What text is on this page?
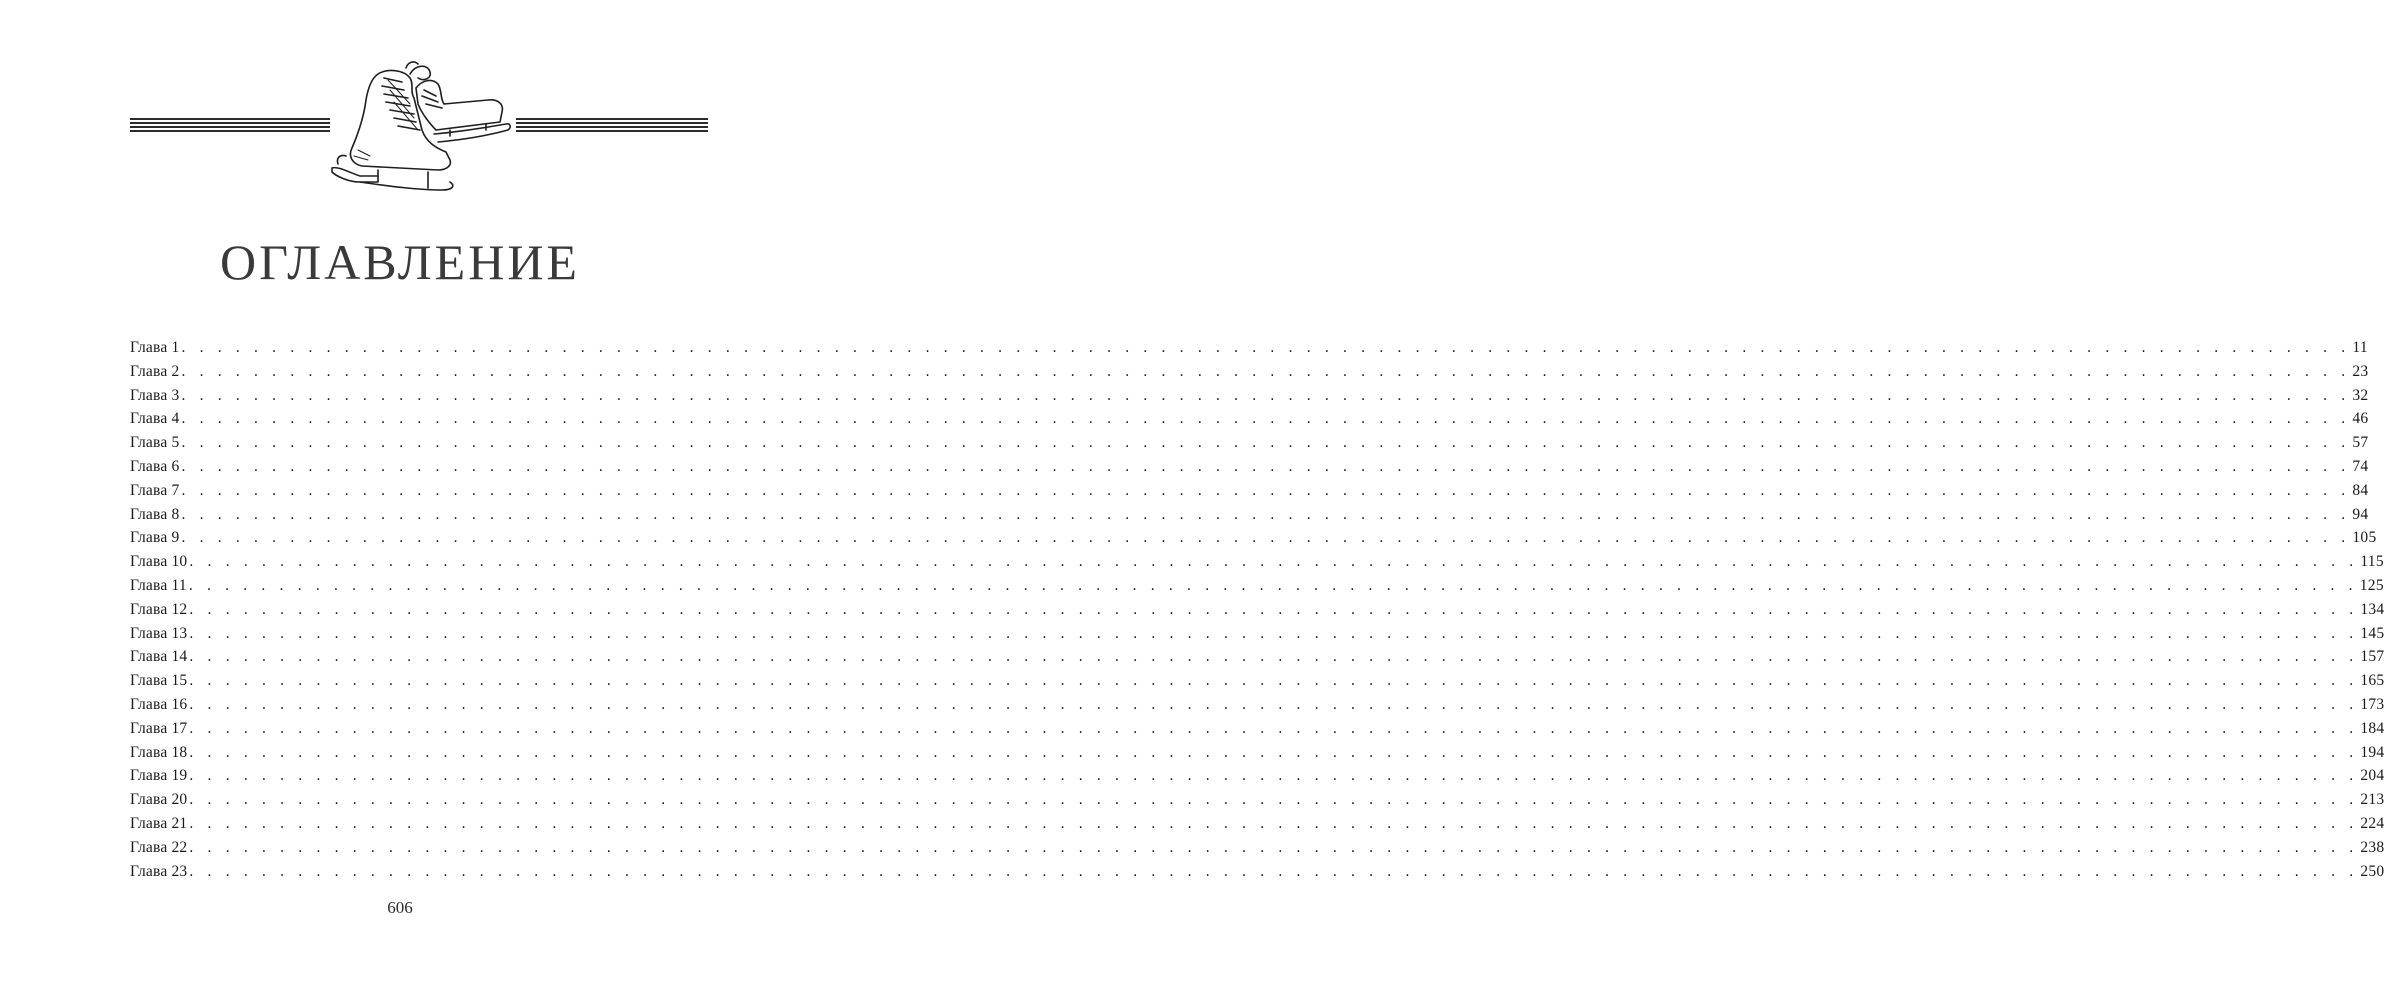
ОГЛАВЛЕНИЕ
Глава 1 . . . . . . . . . . . . . . . . . . . . . . . . . . . . . . . . . . . . . . . . . . . . . . . . . . . . . . . . . . . . . . . . . . . . . . . . . . . . . . . . . . . . . . . . . . . . . . . . . . . . . . . . . . . . . . . . . . . . . . . . 11
Глава 2 . . . . . . . . . . . . . . . . . . . . . . . . . . . . . . . . . . . . . . . . . . . . . . . . . . . . . . . . . . . . . . . . . . . . . . . . . . . . . . . . . . . . . . . . . . . . . . . . . . . . . . . . . . . . . . . . . . . . . . . . 23
Глава 3 . . . . . . . . . . . . . . . . . . . . . . . . . . . . . . . . . . . . . . . . . . . . . . . . . . . . . . . . . . . . . . . . . . . . . . . . . . . . . . . . . . . . . . . . . . . . . . . . . . . . . . . . . . . . . . . . . . . . . . . . 32
Глава 4 . . . . . . . . . . . . . . . . . . . . . . . . . . . . . . . . . . . . . . . . . . . . . . . . . . . . . . . . . . . . . . . . . . . . . . . . . . . . . . . . . . . . . . . . . . . . . . . . . . . . . . . . . . . . . . . . . . . . . . . . 46
Глава 5 . . . . . . . . . . . . . . . . . . . . . . . . . . . . . . . . . . . . . . . . . . . . . . . . . . . . . . . . . . . . . . . . . . . . . . . . . . . . . . . . . . . . . . . . . . . . . . . . . . . . . . . . . . . . . . . . . . . . . . . . 57
Глава 6 . . . . . . . . . . . . . . . . . . . . . . . . . . . . . . . . . . . . . . . . . . . . . . . . . . . . . . . . . . . . . . . . . . . . . . . . . . . . . . . . . . . . . . . . . . . . . . . . . . . . . . . . . . . . . . . . . . . . . . . . 74
Глава 7 . . . . . . . . . . . . . . . . . . . . . . . . . . . . . . . . . . . . . . . . . . . . . . . . . . . . . . . . . . . . . . . . . . . . . . . . . . . . . . . . . . . . . . . . . . . . . . . . . . . . . . . . . . . . . . . . . . . . . . . . 84
Глава 8 . . . . . . . . . . . . . . . . . . . . . . . . . . . . . . . . . . . . . . . . . . . . . . . . . . . . . . . . . . . . . . . . . . . . . . . . . . . . . . . . . . . . . . . . . . . . . . . . . . . . . . . . . . . . . . . . . . . . . . . . 94
Глава 9 . . . . . . . . . . . . . . . . . . . . . . . . . . . . . . . . . . . . . . . . . . . . . . . . . . . . . . . . . . . . . . . . . . . . . . . . . . . . . . . . . . . . . . . . . . . . . . . . . . . . . . . . . . . . . . . . . . . . . . . . 105
Глава 10 . . . . . . . . . . . . . . . . . . . . . . . . . . . . . . . . . . . . . . . . . . . . . . . . . . . . . . . . . . . . . . . . . . . . . . . . . . . . . . . . . . . . . . . . . . . . . . . . . . . . . . . . . . . . . . . . . . . . . . . . 115
Глава 11 . . . . . . . . . . . . . . . . . . . . . . . . . . . . . . . . . . . . . . . . . . . . . . . . . . . . . . . . . . . . . . . . . . . . . . . . . . . . . . . . . . . . . . . . . . . . . . . . . . . . . . . . . . . . . . . . . . . . . . . . 125
Глава 12 . . . . . . . . . . . . . . . . . . . . . . . . . . . . . . . . . . . . . . . . . . . . . . . . . . . . . . . . . . . . . . . . . . . . . . . . . . . . . . . . . . . . . . . . . . . . . . . . . . . . . . . . . . . . . . . . . . . . . . . . 134
Глава 13 . . . . . . . . . . . . . . . . . . . . . . . . . . . . . . . . . . . . . . . . . . . . . . . . . . . . . . . . . . . . . . . . . . . . . . . . . . . . . . . . . . . . . . . . . . . . . . . . . . . . . . . . . . . . . . . . . . . . . . . . 145
Глава 14 . . . . . . . . . . . . . . . . . . . . . . . . . . . . . . . . . . . . . . . . . . . . . . . . . . . . . . . . . . . . . . . . . . . . . . . . . . . . . . . . . . . . . . . . . . . . . . . . . . . . . . . . . . . . . . . . . . . . . . . . 157
Глава 15 . . . . . . . . . . . . . . . . . . . . . . . . . . . . . . . . . . . . . . . . . . . . . . . . . . . . . . . . . . . . . . . . . . . . . . . . . . . . . . . . . . . . . . . . . . . . . . . . . . . . . . . . . . . . . . . . . . . . . . . . 165
Глава 16 . . . . . . . . . . . . . . . . . . . . . . . . . . . . . . . . . . . . . . . . . . . . . . . . . . . . . . . . . . . . . . . . . . . . . . . . . . . . . . . . . . . . . . . . . . . . . . . . . . . . . . . . . . . . . . . . . . . . . . . . 173
Глава 17 . . . . . . . . . . . . . . . . . . . . . . . . . . . . . . . . . . . . . . . . . . . . . . . . . . . . . . . . . . . . . . . . . . . . . . . . . . . . . . . . . . . . . . . . . . . . . . . . . . . . . . . . . . . . . . . . . . . . . . . . 184
Глава 18 . . . . . . . . . . . . . . . . . . . . . . . . . . . . . . . . . . . . . . . . . . . . . . . . . . . . . . . . . . . . . . . . . . . . . . . . . . . . . . . . . . . . . . . . . . . . . . . . . . . . . . . . . . . . . . . . . . . . . . . . 194
Глава 19 . . . . . . . . . . . . . . . . . . . . . . . . . . . . . . . . . . . . . . . . . . . . . . . . . . . . . . . . . . . . . . . . . . . . . . . . . . . . . . . . . . . . . . . . . . . . . . . . . . . . . . . . . . . . . . . . . . . . . . . . 204
Глава 20 . . . . . . . . . . . . . . . . . . . . . . . . . . . . . . . . . . . . . . . . . . . . . . . . . . . . . . . . . . . . . . . . . . . . . . . . . . . . . . . . . . . . . . . . . . . . . . . . . . . . . . . . . . . . . . . . . . . . . . . . 213
Глава 21 . . . . . . . . . . . . . . . . . . . . . . . . . . . . . . . . . . . . . . . . . . . . . . . . . . . . . . . . . . . . . . . . . . . . . . . . . . . . . . . . . . . . . . . . . . . . . . . . . . . . . . . . . . . . . . . . . . . . . . . . 224
Глава 22 . . . . . . . . . . . . . . . . . . . . . . . . . . . . . . . . . . . . . . . . . . . . . . . . . . . . . . . . . . . . . . . . . . . . . . . . . . . . . . . . . . . . . . . . . . . . . . . . . . . . . . . . . . . . . . . . . . . . . . . . 238
Глава 23 . . . . . . . . . . . . . . . . . . . . . . . . . . . . . . . . . . . . . . . . . . . . . . . . . . . . . . . . . . . . . . . . . . . . . . . . . . . . . . . . . . . . . . . . . . . . . . . . . . . . . . . . . . . . . . . . . . . . . . . . 250
606
